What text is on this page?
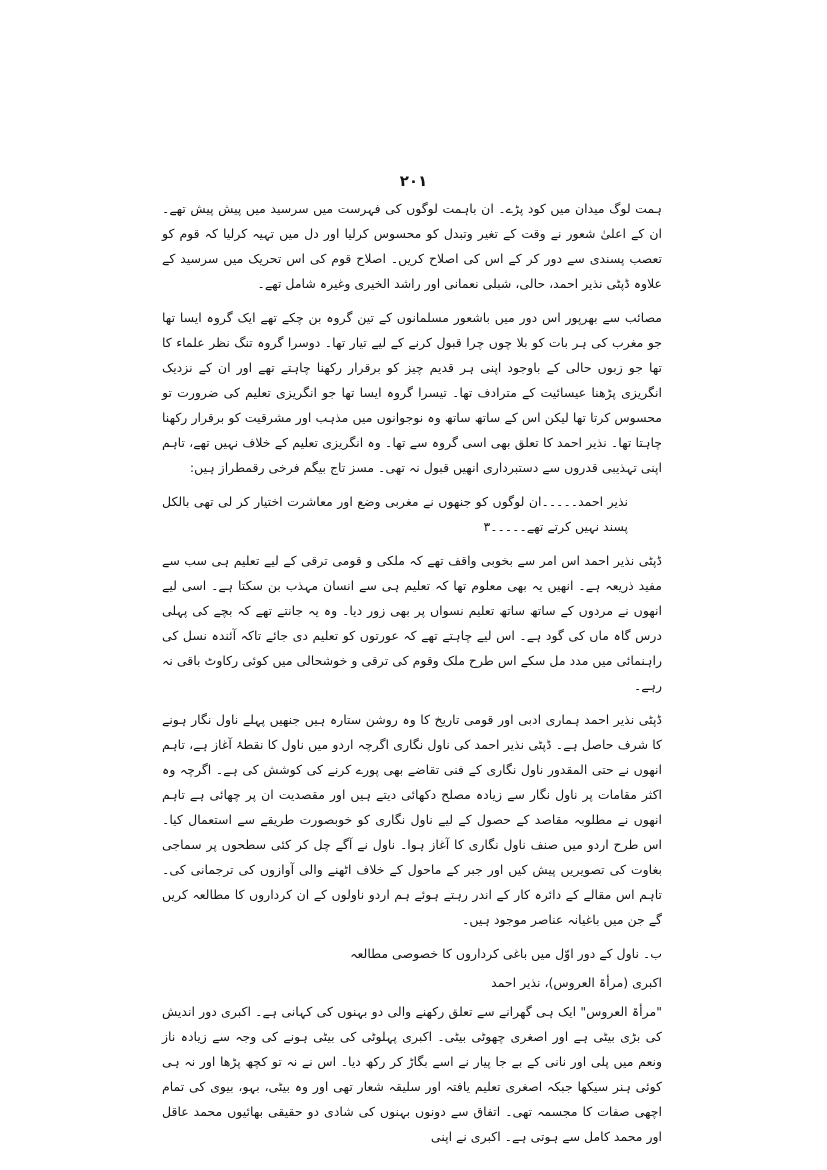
۲۰۱

ہمت لوگ میدان میں کود پڑے۔ ان باہمت لوگوں کی فہرست میں سرسید میں پیش پیش تھے۔ ان کے اعلیٰ شعور نے وقت کے تغیر وتبدل کو محسوس کرلیا اور دل میں تہیہ کرلیا کہ قوم کو تعصب پسندی سے دور کر کے اس کی اصلاح کریں۔ اصلاح قوم کی اس تحریک میں سرسید کے علاوہ ڈپٹی نذیر احمد، حالی، شبلی نعمانی اور راشد الخیری وغیرہ شامل تھے۔

مصائب سے بھرپور اس دور میں باشعور مسلمانوں کے تین گروہ بن چکے تھے ایک گروہ ایسا تھا جو مغرب کی ہر بات کو بلا چوں چرا قبول کرنے کے لیے تیار تھا۔ دوسرا گروہ تنگ نظر علماء کا تھا جو زبوں حالی کے باوجود اپنی ہر قدیم چیز کو برقرار رکھنا چاہتے تھے اور ان کے نزدیک انگریزی پڑھنا عیسائیت کے مترادف تھا۔ تیسرا گروہ ایسا تھا جو انگریزی تعلیم کی ضرورت تو محسوس کرتا تھا لیکن اس کے ساتھ ساتھ وہ نوجوانوں میں مذہب اور مشرقیت کو برقرار رکھنا چاہتا تھا۔ نذیر احمد کا تعلق بھی اسی گروہ سے تھا۔ وہ انگریزی تعلیم کے خلاف نہیں تھے، تاہم اپنی تہذیبی قدروں سے دستبرداری انھیں قبول نہ تھی۔ مسز تاج بیگم فرخی رقمطراز ہیں:

نذیر احمد۔۔۔۔۔ان لوگوں کو جنھوں نے مغربی وضع اور معاشرت اختیار کر لی تھی بالکل پسند نہیں کرتے تھے۔۔۔۔۔۳

ڈپٹی نذیر احمد اس امر سے بخوبی واقف تھے کہ ملکی و قومی ترقی کے لیے تعلیم ہی سب سے مفید ذریعہ ہے۔ انھیں یہ بھی معلوم تھا کہ تعلیم ہی سے انسان مہذب بن سکتا ہے۔ اسی لیے انھوں نے مردوں کے ساتھ ساتھ تعلیم نسواں پر بھی زور دیا۔ وہ یہ جانتے تھے کہ بچے کی پہلی درس گاہ ماں کی گود ہے۔ اس لیے چاہتے تھے کہ عورتوں کو تعلیم دی جائے تاکہ آئندہ نسل کی راہنمائی میں مدد مل سکے اس طرح ملک وقوم کی ترقی و خوشحالی میں کوئی رکاوٹ باقی نہ رہے۔

ڈپٹی نذیر احمد ہماری ادبی اور قومی تاریخ کا وہ روشن ستارہ ہیں جنھیں پہلے ناول نگار ہونے کا شرف حاصل ہے۔ ڈپٹی نذیر احمد کی ناول نگاری اگرچہ اردو میں ناول کا نقطۂ آغاز ہے، تاہم انھوں نے حتی المقدور ناول نگاری کے فنی تقاضے بھی پورے کرنے کی کوشش کی ہے۔ اگرچہ وہ اکثر مقامات پر ناول نگار سے زیادہ مصلح دکھائی دیتے ہیں اور مقصدیت ان پر چھائی ہے تاہم انھوں نے مطلوبہ مقاصد کے حصول کے لیے ناول نگاری کو خوبصورت طریقے سے استعمال کیا۔ اس طرح اردو میں صنف ناول نگاری کا آغاز ہوا۔ ناول نے آگے چل کر کئی سطحوں پر سماجی بغاوت کی تصویریں پیش کیں اور جبر کے ماحول کے خلاف اٹھنے والی آوازوں کی ترجمانی کی۔ تاہم اس مقالے کے دائرہ کار کے اندر رہتے ہوئے ہم اردو ناولوں کے ان کرداروں کا مطالعہ کریں گے جن میں باغیانہ عناصر موجود ہیں۔

ب۔ ناول کے دور اوّل میں باغی کرداروں کا خصوصی مطالعہ

اکبری (مرأۃ العروس)، نذیر احمد

"مرأۃ العروس" ایک ہی گھرانے سے تعلق رکھنے والی دو بہنوں کی کہانی ہے۔ اکبری دور اندیش کی بڑی بیٹی ہے اور اصغری چھوٹی بیٹی۔ اکبری پہلوٹی کی بیٹی ہونے کی وجہ سے زیادہ ناز ونعم میں پلی اور نانی کے بے جا پیار نے اسے بگاڑ کر رکھ دیا۔ اس نے نہ تو کچھ پڑھا اور نہ ہی کوئی ہنر سیکھا جبکہ اصغری تعلیم یافتہ اور سلیقہ شعار تھی اور وہ بیٹی، بہو، بیوی کی تمام اچھی صفات کا مجسمہ تھی۔ اتفاق سے دونوں بہنوں کی شادی دو حقیقی بھائیوں محمد عاقل اور محمد کامل سے ہوتی ہے۔ اکبری نے اپنی
